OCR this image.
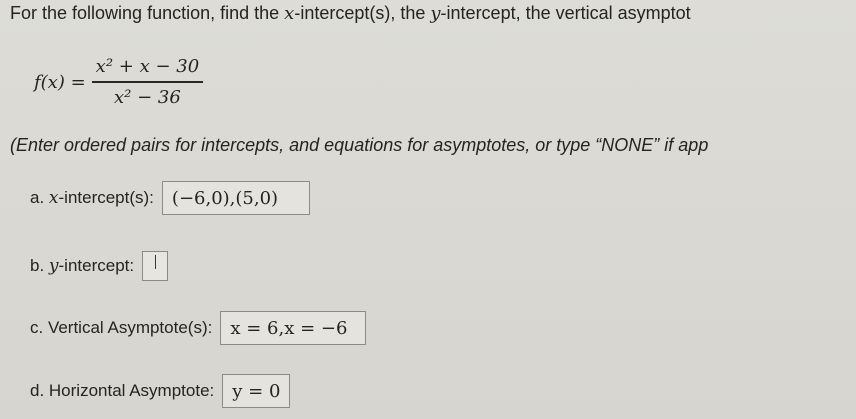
For the following function, find the x-intercept(s), the y-intercept, the vertical asymptot
$f(x) = \frac{\text{x² + x − 30}}{\text{x² − 36}}$
(Enter ordered pairs for intercepts, and equations for asymptotes, or type “NONE” if app
a. x-intercept(s):	(−6,0),(5,0)
b. y-intercept:
c. Vertical Asymptote(s):	x = 6,x = −6
d. Horizontal Asymptote:	y = 0
